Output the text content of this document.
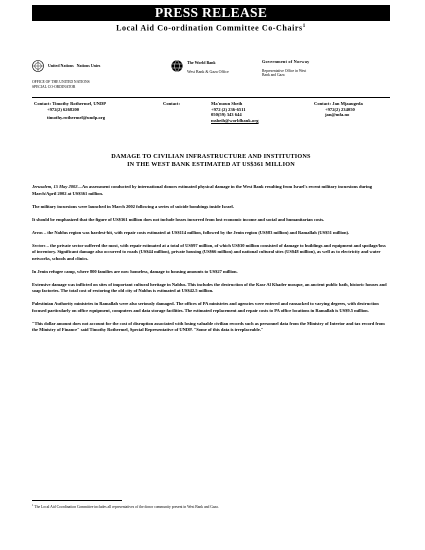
PRESS RELEASE
Local Aid Co-ordination Committee Co-Chairs$^1$
United Nations Nations Unies
OFFICE OF THE UNITED NATIONS
SPECIAL CO-ORDINATOR
The World Bank
West Bank & Gaza Office
Government of Norway
Representative Office in West
Bank and Gaza
Contact: Timothy Rothermel, UNDP
+972(2) 6268200
timothy.rothermel@undp.org
Contact:	Ma'moun Sbeih
+972 (2) 236-6511
050(59) 343 644
msbeih@worldbank.org
Contact: Jan Mjaaugeda
+972(2) 234050
jan@mfa.no
DAMAGE TO CIVILIAN INFRASTRUCTURE AND INSTITUTIONS
IN THE WEST BANK ESTIMATED AT US$361 MILLION

Jerusalem, 15 May 2002—An assessment conducted by international donors estimated physical damage in the West Bank resulting from Israel's recent military incursions during March/April 2002 at US$361 million.

The military incursions were launched in March 2002 following a series of suicide bombings inside Israel.

It should be emphasized that the figure of US$361 million does not include losses incurred from lost economic income and social and humanitarian costs.

Areas – the Nablus region was hardest-hit, with repair costs estimated at US$114 million, followed by the Jenin region (US$83 million) and Ramallah (US$51 million).

Sectors – the private sector suffered the most, with repair estimated at a total of US$97 million, of which US$30 million consisted of damage to buildings and equipment and spoilage/loss of inventory. Significant damage also occurred to roads (US$44 million), private housing (US$66 million) and national cultural sites (US$48 million), as well as to electricity and water networks, schools and clinics.

In Jenin refugee camp, where 800 families are now homeless, damage to housing amounts to US$27 million.

Extensive damage was inflicted on sites of important cultural heritage in Nablus. This includes the destruction of the Kasr Al Khader mosque, an ancient public bath, historic houses and soap factories. The total cost of restoring the old city of Nablus is estimated at US$42.5 million.

Palestinian Authority ministries in Ramallah were also seriously damaged. The offices of PA ministries and agencies were entered and ransacked to varying degrees, with destruction focused particularly on office equipment, computers and data storage facilities. The estimated replacement and repair costs to PA office locations in Ramallah is US$9.5 million.

"This dollar amount does not account for the cost of disruption associated with losing valuable civilian records such as personnel data from the Ministry of Interior and tax record from the Ministry of Finance" said Timothy Rothermel, Special Representative of UNDP. "Some of this data is irreplaceable."

$^1$ The Local Aid Coordination Committee includes all representatives of the donor community present in West Bank and Gaza.
